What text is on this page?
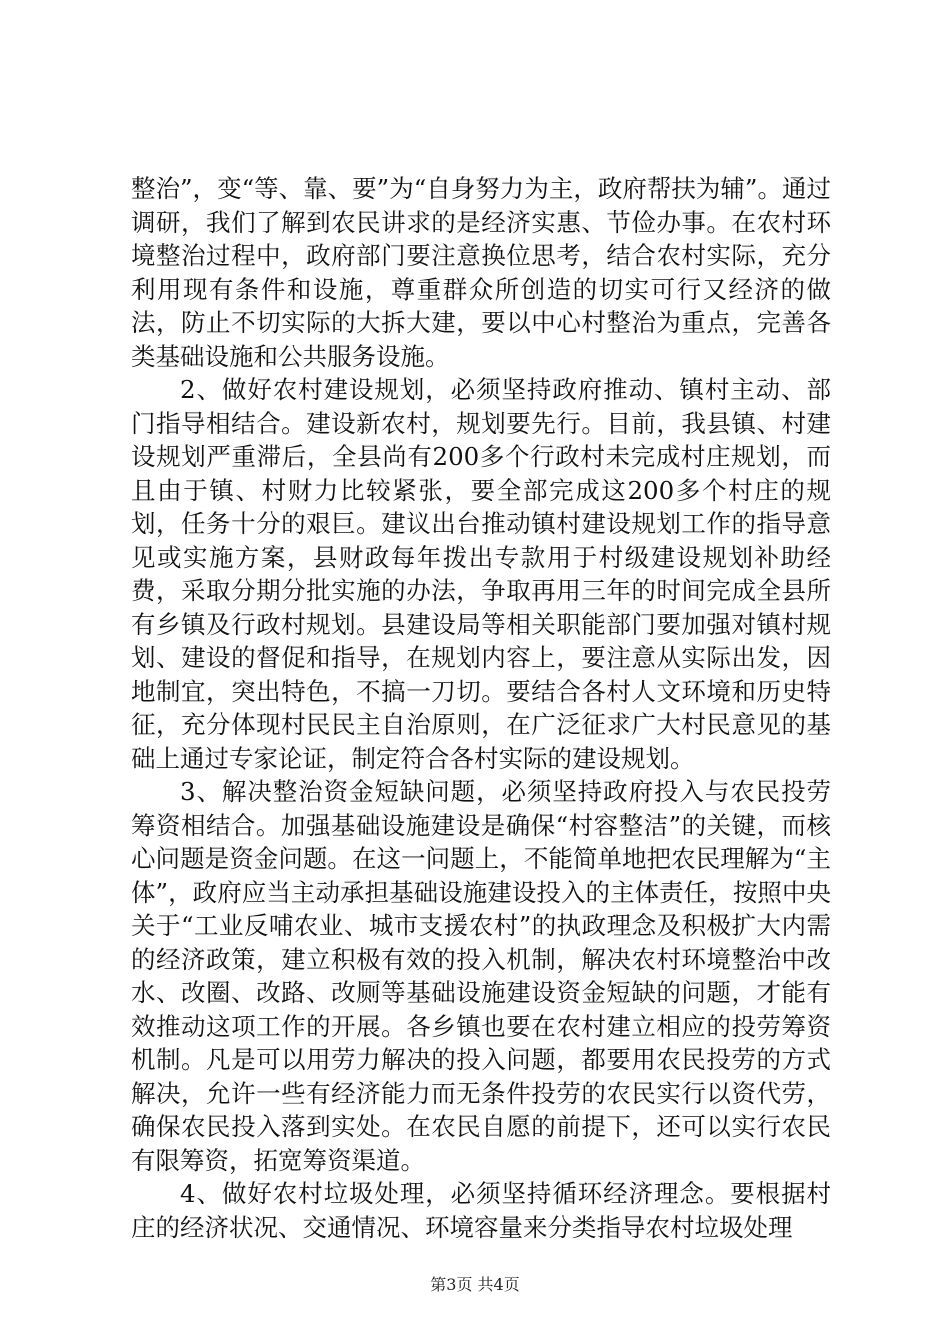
整治”，变“等、靠、要”为“自身努力为主，政府帮扶为辅”。通过调研，我们了解到农民讲求的是经济实惠、节俭办事。在农村环境整治过程中，政府部门要注意换位思考，结合农村实际，充分利用现有条件和设施，尊重群众所创造的切实可行又经济的做法，防止不切实际的大拆大建，要以中心村整治为重点，完善各类基础设施和公共服务设施。

2、做好农村建设规划，必须坚持政府推动、镇村主动、部门指导相结合。建设新农村，规划要先行。目前，我县镇、村建设规划严重滞后，全县尚有200多个行政村未完成村庄规划，而且由于镇、村财力比较紧张，要全部完成这200多个村庄的规划，任务十分的艰巨。建议出台推动镇村建设规划工作的指导意见或实施方案，县财政每年拨出专款用于村级建设规划补助经费，采取分期分批实施的办法，争取再用三年的时间完成全县所有乡镇及行政村规划。县建设局等相关职能部门要加强对镇村规划、建设的督促和指导，在规划内容上，要注意从实际出发，因地制宜，突出特色，不搞一刀切。要结合各村人文环境和历史特征，充分体现村民民主自治原则，在广泛征求广大村民意见的基础上通过专家论证，制定符合各村实际的建设规划。

3、解决整治资金短缺问题，必须坚持政府投入与农民投劳筹资相结合。加强基础设施建设是确保“村容整洁”的关键，而核心问题是资金问题。在这一问题上，不能简单地把农民理解为“主体”，政府应当主动承担基础设施建设投入的主体责任，按照中央关于“工业反哺农业、城市支援农村”的执政理念及积极扩大内需的经济政策，建立积极有效的投入机制，解决农村环境整治中改水、改圈、改路、改厕等基础设施建设资金短缺的问题，才能有效推动这项工作的开展。各乡镇也要在农村建立相应的投劳筹资机制。凡是可以用劳力解决的投入问题，都要用农民投劳的方式解决，允许一些有经济能力而无条件投劳的农民实行以资代劳，确保农民投入落到实处。在农民自愿的前提下，还可以实行农民有限筹资，拓宽筹资渠道。

4、做好农村垃圾处理，必须坚持循环经济理念。要根据村庄的经济状况、交通情况、环境容量来分类指导农村垃圾处理

第3页 共4页
